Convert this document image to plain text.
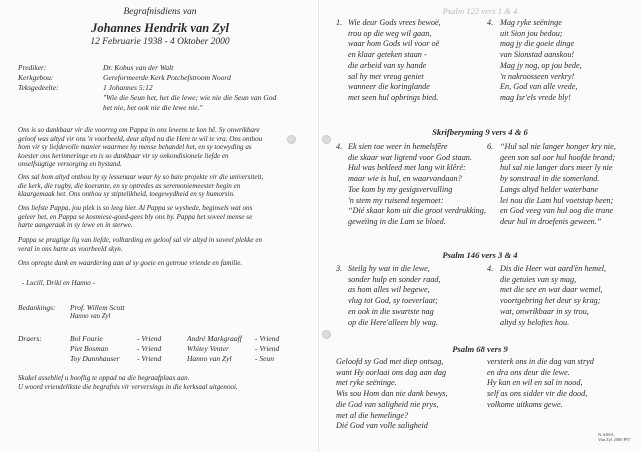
Begrafnisdiens van
Johannes Hendrik van Zyl
12 Februarie 1938 - 4 Oktober 2000
Prediker:	Dr. Kobus van der Walt
Kerkgebou:	Gereformeerde Kerk Potchefstroom Noord
Teksgedeelte:	1 Johannes 5:12
"Wie die Seun het, het die lewe; wie nie die Seun van God
het nie, het ook nie die lewe nie."
Ons is so dankbaar vir die voorreg om Pappa in ons lewens te kon hê. Sy onwrikbare
geloof was altyd vir ons 'n voorbeeld, deur altyd na die Here te wil te vra. Ons onthou
hom vir sy liefdevolle manier waarmee hy mense behandel het, en sy toewyding as
koester ons herinneringe en is so dankbaar vir sy onkondisionele liefde en
onselfsugtige versorging en bystand.
Ons sal hom altyd onthou by sy lessenaar waar hy so baie projekte vir die universiteit,
die kerk, die rugby, die koerante, en sy optredes as seremoniemeester begin en
klaargemaak het. Ons onthou sy stiptelikheid, toegewydheid en sy humorsin.
Ons liefste Pappa, jou plek is so leeg hier. Al Pappa se wyshede, beginsels wat ons
geleer het, en Pappa se kosmiese-goed-gees bly ons by. Pappa het soveel mense se
harte aangeraak in sy lewe en in sterwe.
Pappa se pragtige lig van liefde, volharding en geloof sal vir altyd in soveel plekke en
veral in ons harte as voorbeeld skyn.
Ons opregte dank en waardering aan al sy goeie en getroue vriende en familie.
- Lucill, Drikí en Hanno -
Bedankings: Prof. Willem Scott
Hanno van Zyl
Draers:	Bol Fourie	- Vriend	André Markgraaff - Vriend
Piet Bosman	- Vriend	Whitey Venter	- Vriend
Toy Dannhauser - Vriend	Hanno van Zyl	- Seun
Skakel asseblief u hooflig te oppad na die begraafplaas aan.
U woord vriendelikste die begrafnis vir verversings in die kerksaal uitgenooi.
Psalm 123 vers 1 & 4
1. Wie deur Gods vrees bewoë,
trou op die weg wil gaan,
waar hom Gods wil voor oë
en klaar geteken staan -
die arbeid van sy hande
sal hy met vreug geniet
wanneer die koringlande
met seen hul opbrings bied.
4. Mag ryke seëninge
uit Sion jou bedou;
mag jy die goeie dinge
van Sionstad aanskou!
Mag jy nog, op jou bede,
'n nakroosseen verkry!
En, God van alle vrede,
mag Isr'els vrede bly!
Skrifberyming 9 vers 4 & 6
4. Ek sien toe weer in hemelsfêre
die skaar wat ligtend voor God staan.
Hul was bekleed met lang wit klêrë:
maar wie is hul, en waarvandaan?
Toe kom by my gesigsvervulling
'n stem my ruisend tegemoet:
“Dié skaar kom uit die groot verdrukking,
geweïing in die Lam se bloed.
6. “Hul sal nie langer honger kry nie,
geen son sal oor hul hoofde brand;
hul sal nie langer dors meer ly nie
by sonstraal in die somerland.
Langs altyd helder waterbane
lei nou die Lam hul voetstap heen;
en God veeg van hul oog die trane
deur hul in droefenis geween.”
Psalm 146 vers 3 & 4
3. Steilg hy wat in die lewe,
sonder hulp en sonder raad,
as hom alles wil begewe,
vlug tot God, sy toeverlaat;
en ook in die swartste nag
op die Here'alleen bly wag.
4. Dis die Heer wat aard'èn hemel,
die getuies van sy mag,
met die see en wat daar wemel,
voortgebring het deur sy krag;
wat, onwrikbaar in sy trou,
altyd sy beloftes hou.
Psalm 68 vers 9
Geloofd sy God met diep ontsag,
want Hy oorlaai ons dag aan dag
met ryke seëninge.
Wis sou Hom dan nie dank bewys,
die God van saligheid nie prys,
met al die hemelinge?
Dié God van volle saligheid
versterk ons in die dag van stryd
en dra ons deur die lewe.
Hy kan en wil en sal in nood,
self as ons sidder vir die dood,
volkome uitkoms gewe.
N.ASSA
Van Zyl 2000 P97
